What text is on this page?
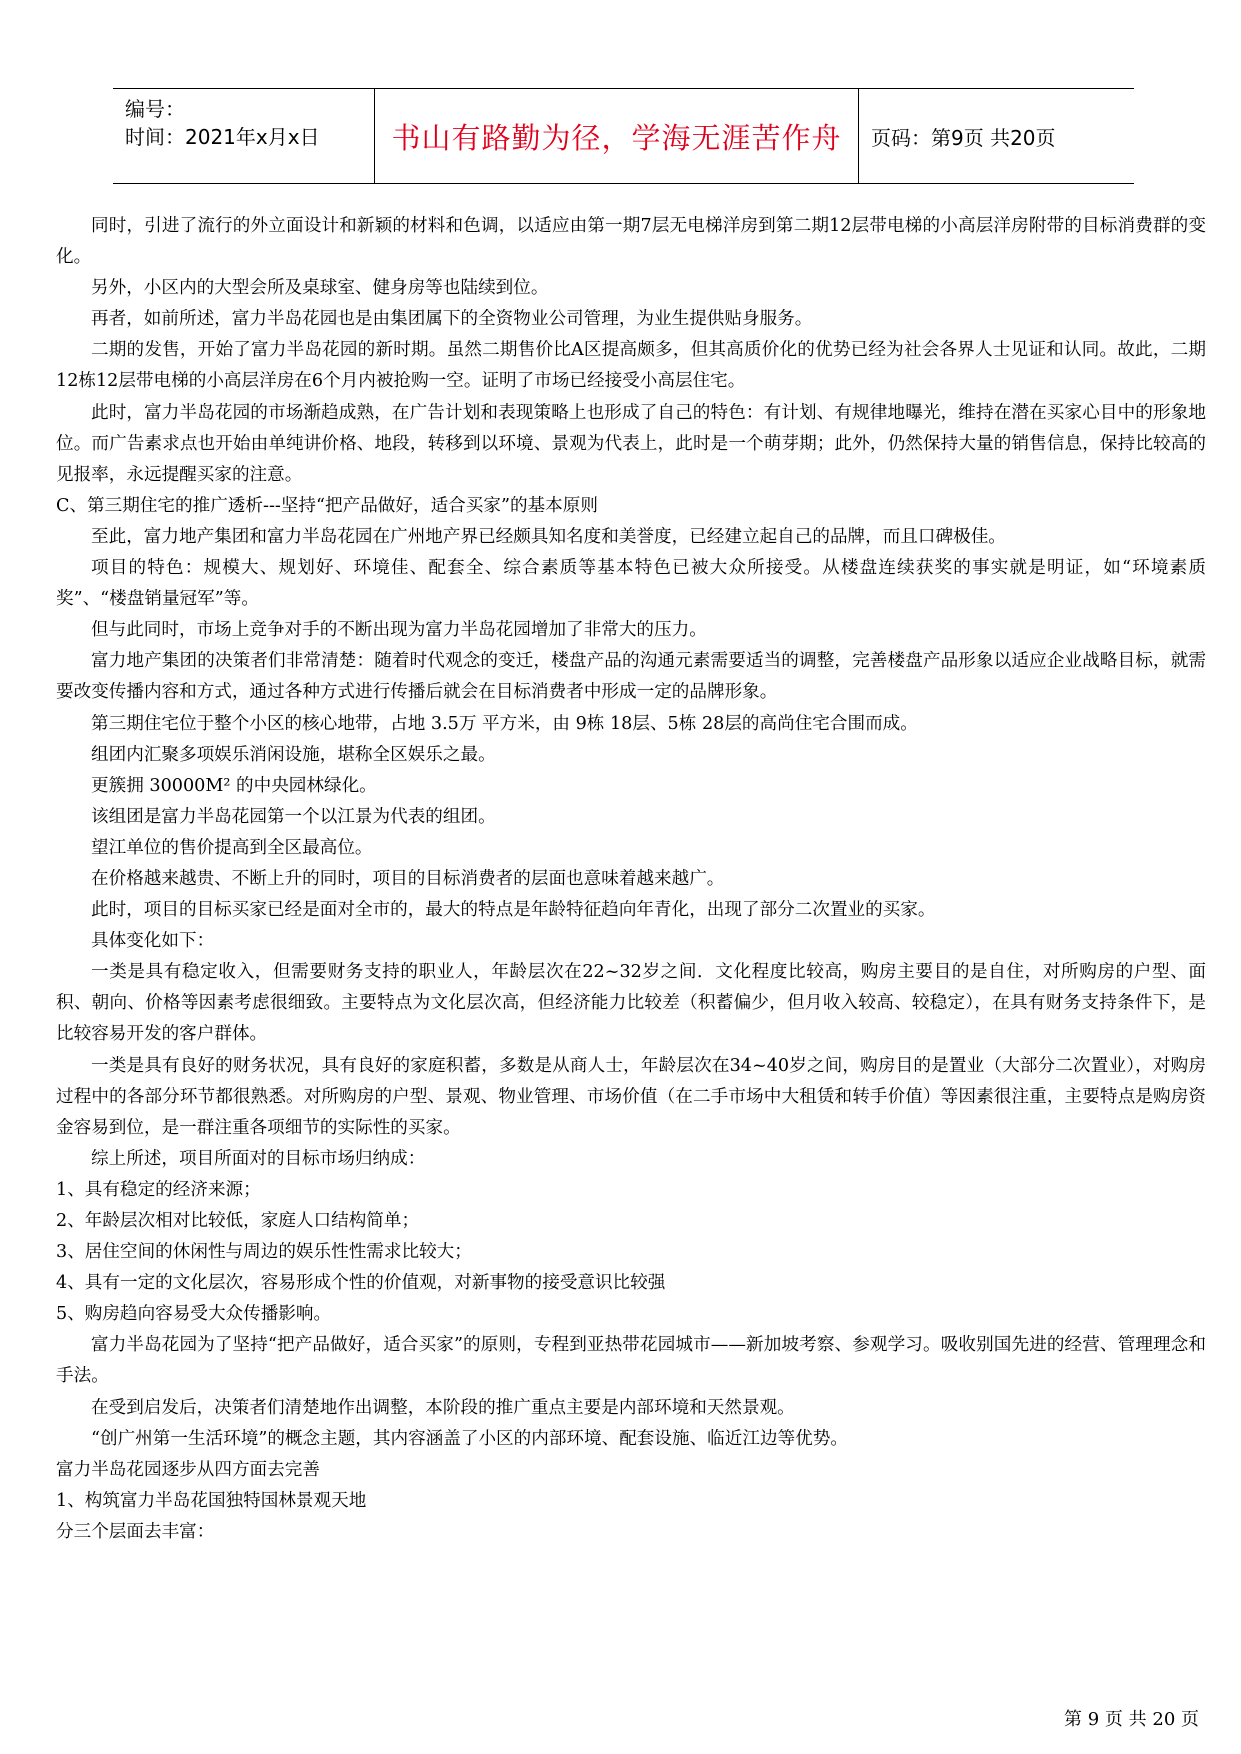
编号：
时间：2021年x月x日	书山有路勤为径，学海无涯苦作舟 页码：第9页 共20页

同时，引进了流行的外立面设计和新颖的材料和色调，以适应由第一期7层无电梯洋房到第二期12层带电梯的小高层洋房附带的目标消费群的变化。

另外，小区内的大型会所及桌球室、健身房等也陆续到位。

再者，如前所述，富力半岛花园也是由集团属下的全资物业公司管理，为业生提供贴身服务。

二期的发售，开始了富力半岛花园的新时期。虽然二期售价比A区提高颇多，但其高质价化的优势已经为社会各界人士见证和认同。故此，二期12栋12层带电梯的小高层洋房在6个月内被抢购一空。证明了市场已经接受小高层住宅。

此时，富力半岛花园的市场渐趋成熟，在广告计划和表现策略上也形成了自己的特色：有计划、有规律地曝光，维持在潜在买家心目中的形象地位。而广告素求点也开始由单纯讲价格、地段，转移到以环境、景观为代表上，此时是一个萌芽期；此外，仍然保持大量的销售信息，保持比较高的见报率，永远提醒买家的注意。

C、第三期住宅的推广透析---坚持“把产品做好，适合买家”的基本原则

至此，富力地产集团和富力半岛花园在广州地产界已经颇具知名度和美誉度，已经建立起自己的品牌，而且口碑极佳。

项目的特色：规模大、规划好、环境佳、配套全、综合素质等基本特色已被大众所接受。从楼盘连续获奖的事实就是明证，如“环境素质奖”、“楼盘销量冠军”等。

但与此同时，市场上竞争对手的不断出现为富力半岛花园增加了非常大的压力。

富力地产集团的决策者们非常清楚：随着时代观念的变迁，楼盘产品的沟通元素需要适当的调整，完善楼盘产品形象以适应企业战略目标，就需要改变传播内容和方式，通过各种方式进行传播后就会在目标消费者中形成一定的品牌形象。

第三期住宅位于整个小区的核心地带，占地 3.5万 平方米，由 9栋 18层、5栋 28层的高尚住宅合围而成。

组团内汇聚多项娱乐消闲设施，堪称全区娱乐之最。

更簇拥 30000M² 的中央园林绿化。

该组团是富力半岛花园第一个以江景为代表的组团。

望江单位的售价提高到全区最高位。

在价格越来越贵、不断上升的同时，项目的目标消费者的层面也意味着越来越广。

此时，项目的目标买家已经是面对全市的，最大的特点是年龄特征趋向年青化，出现了部分二次置业的买家。

具体变化如下：

一类是具有稳定收入，但需要财务支持的职业人，年龄层次在22~32岁之间．文化程度比较高，购房主要目的是自住，对所购房的户型、面积、朝向、价格等因素考虑很细致。主要特点为文化层次高，但经济能力比较差（积蓄偏少，但月收入较高、较稳定），在具有财务支持条件下，是比较容易开发的客户群体。

一类是具有良好的财务状况，具有良好的家庭积蓄，多数是从商人士，年龄层次在34~40岁之间，购房目的是置业（大部分二次置业），对购房过程中的各部分环节都很熟悉。对所购房的户型、景观、物业管理、市场价值（在二手市场中大租赁和转手价值）等因素很注重，主要特点是购房资金容易到位，是一群注重各项细节的实际性的买家。

综上所述，项目所面对的目标市场归纳成：

1、具有稳定的经济来源；

2、年龄层次相对比较低，家庭人口结构简单；

3、居住空间的休闲性与周边的娱乐性性需求比较大；

4、具有一定的文化层次，容易形成个性的价值观，对新事物的接受意识比较强

5、购房趋向容易受大众传播影响。

富力半岛花园为了坚持“把产品做好，适合买家”的原则，专程到亚热带花园城市——新加坡考察、参观学习。吸收别国先进的经营、管理理念和手法。

在受到启发后，决策者们清楚地作出调整，本阶段的推广重点主要是内部环境和天然景观。

“创广州第一生活环境”的概念主题，其内容涵盖了小区的内部环境、配套设施、临近江边等优势。

富力半岛花园逐步从四方面去完善

1、构筑富力半岛花国独特国林景观天地

分三个层面去丰富：

第 9 页 共 20 页
